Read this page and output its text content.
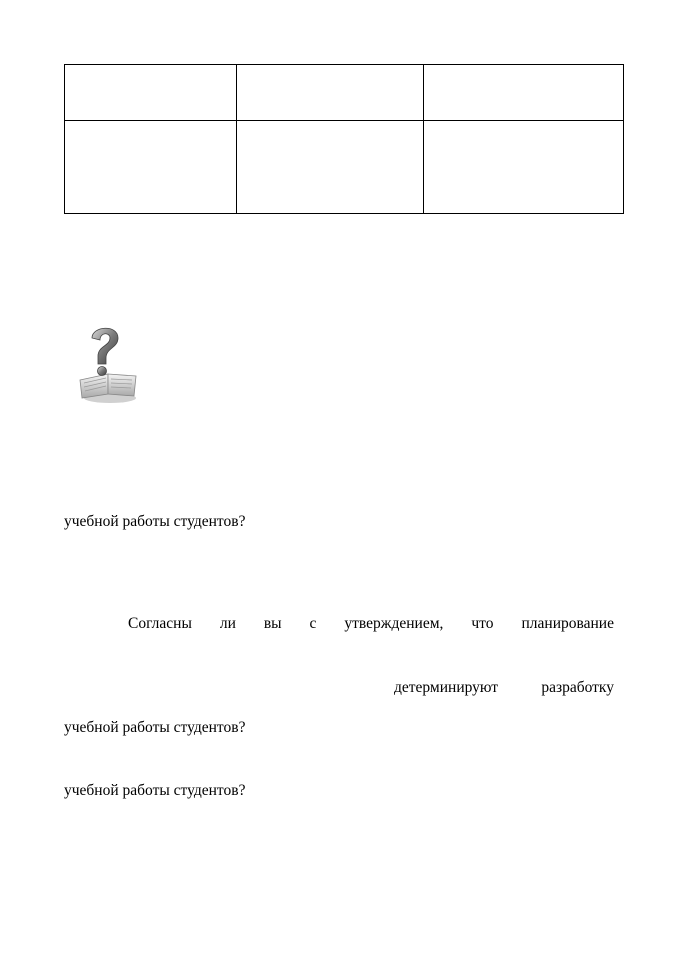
учебной работы студентов?
Согласны ли вы с утверждением, что планирование
детерминируют	разработку
учебной работы студентов?
учебной работы студентов?
